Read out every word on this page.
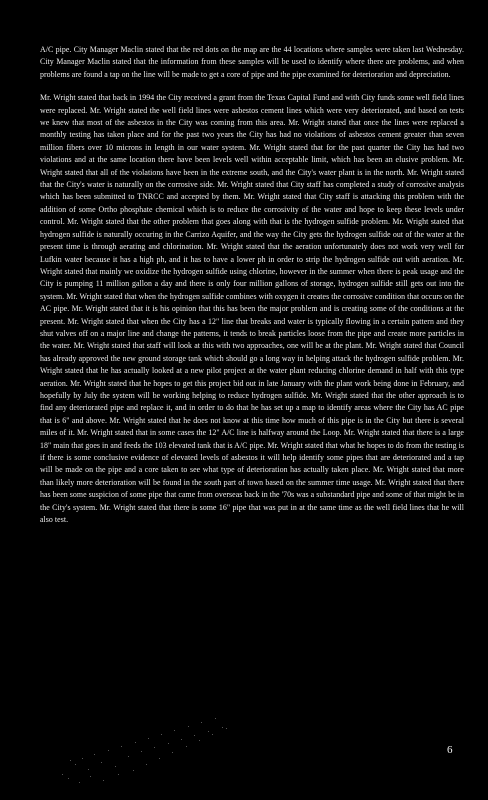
A/C pipe. City Manager Maclin stated that the red dots on the map are the 44 locations where samples were taken last Wednesday. City Manager Maclin stated that the information from these samples will be used to identify where there are problems, and when problems are found a tap on the line will be made to get a core of pipe and the pipe examined for deterioration and depreciation.

Mr. Wright stated that back in 1994 the City received a grant from the Texas Capital Fund and with City funds some well field lines were replaced. Mr. Wright stated the well field lines were asbestos cement lines which were very deteriorated, and based on tests we knew that most of the asbestos in the City was coming from this area. Mr. Wright stated that once the lines were replaced a monthly testing has taken place and for the past two years the City has had no violations of asbestos cement greater than seven million fibers over 10 microns in length in our water system. Mr. Wright stated that for the past quarter the City has had two violations and at the same location there have been levels well within acceptable limit, which has been an elusive problem. Mr. Wright stated that all of the violations have been in the extreme south, and the City's water plant is in the north. Mr. Wright stated that the City's water is naturally on the corrosive side. Mr. Wright stated that City staff has completed a study of corrosive analysis which has been submitted to TNRCC and accepted by them. Mr. Wright stated that City staff is attacking this problem with the addition of some Ortho phosphate chemical which is to reduce the corrosivity of the water and hope to keep these levels under control. Mr. Wright stated that the other problem that goes along with that is the hydrogen sulfide problem. Mr. Wright stated that hydrogen sulfide is naturally occuring in the Carrizo Aquifer, and the way the City gets the hydrogen sulfide out of the water at the present time is through aerating and chlorination. Mr. Wright stated that the aeration unfortunately does not work very well for Lufkin water because it has a high ph, and it has to have a lower ph in order to strip the hydrogen sulfide out with aeration. Mr. Wright stated that mainly we oxidize the hydrogen sulfide using chlorine, however in the summer when there is peak usage and the City is pumping 11 million gallon a day and there is only four million gallons of storage, hydrogen sulfide still gets out into the system. Mr. Wright stated that when the hydrogen sulfide combines with oxygen it creates the corrosive condition that occurs on the AC pipe. Mr. Wright stated that it is his opinion that this has been the major problem and is creating some of the conditions at the present. Mr. Wright stated that when the City has a 12" line that breaks and water is typically flowing in a certain pattern and they shut valves off on a major line and change the patterns, it tends to break particles loose from the pipe and create more particles in the water. Mr. Wright stated that staff will look at this with two approaches, one will be at the plant. Mr. Wright stated that Council has already approved the new ground storage tank which should go a long way in helping attack the hydrogen sulfide problem. Mr. Wright stated that he has actually looked at a new pilot project at the water plant reducing chlorine demand in half with this type aeration. Mr. Wright stated that he hopes to get this project bid out in late January with the plant work being done in February, and hopefully by July the system will be working helping to reduce hydrogen sulfide. Mr. Wright stated that the other approach is to find any deteriorated pipe and replace it, and in order to do that he has set up a map to identify areas where the City has AC pipe that is 6" and above. Mr. Wright stated that he does not know at this time how much of this pipe is in the City but there is several miles of it. Mr. Wright stated that in some cases the 12" A/C line is halfway around the Loop. Mr. Wright stated that there is a large 18" main that goes in and feeds the 103 elevated tank that is A/C pipe. Mr. Wright stated that what he hopes to do from the testing is if there is some conclusive evidence of elevated levels of asbestos it will help identify some pipes that are deteriorated and a tap will be made on the pipe and a core taken to see what type of deterioration has actually taken place. Mr. Wright stated that more than likely more deterioration will be found in the south part of town based on the summer time usage. Mr. Wright stated that there has been some suspicion of some pipe that came from overseas back in the '70s was a substandard pipe and some of that might be in the City's system. Mr. Wright stated that there is some 16" pipe that was put in at the same time as the well field lines that he will also test.

6
